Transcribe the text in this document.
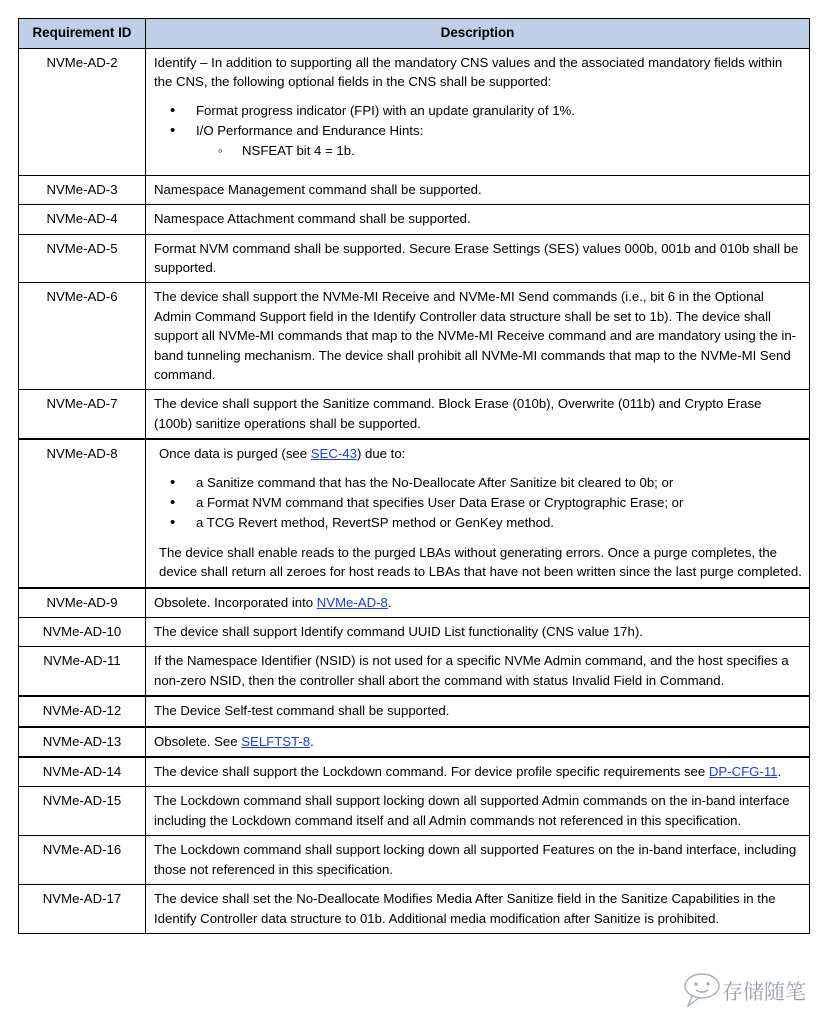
Requirement ID	Description
NVMe-AD-2	Identify – In addition to supporting all the mandatory CNS values and the associated mandatory fields within the CNS, the following optional fields in the CNS shall be supported:

• Format progress indicator (FPI) with an update granularity of 1%.
• I/O Performance and Endurance Hints:
◦ NSFEAT bit 4 = 1b.

NVMe-AD-3	Namespace Management command shall be supported.

NVMe-AD-4	Namespace Attachment command shall be supported.

NVMe-AD-5	Format NVM command shall be supported. Secure Erase Settings (SES) values 000b, 001b and 010b shall be supported.

NVMe-AD-6	The device shall support the NVMe-MI Receive and NVMe-MI Send commands (i.e., bit 6 in the Optional Admin Command Support field in the Identify Controller data structure shall be set to 1b). The device shall support all NVMe-MI commands that map to the NVMe-MI Receive command and are mandatory using the in-band tunneling mechanism. The device shall prohibit all NVMe-MI commands that map to the NVMe-MI Send command.

NVMe-AD-7	The device shall support the Sanitize command. Block Erase (010b), Overwrite (011b) and Crypto Erase (100b) sanitize operations shall be supported.

NVMe-AD-8	Once data is purged (see SEC-43) due to:

• a Sanitize command that has the No-Deallocate After Sanitize bit cleared to 0b; or
• a Format NVM command that specifies User Data Erase or Cryptographic Erase; or
• a TCG Revert method, RevertSP method or GenKey method.

The device shall enable reads to the purged LBAs without generating errors. Once a purge completes, the device shall return all zeroes for host reads to LBAs that have not been written since the last purge completed.

NVMe-AD-9	Obsolete. Incorporated into NVMe-AD-8.

NVMe-AD-10	The device shall support Identify command UUID List functionality (CNS value 17h).

NVMe-AD-11	If the Namespace Identifier (NSID) is not used for a specific NVMe Admin command, and the host specifies a non-zero NSID, then the controller shall abort the command with status Invalid Field in Command.

NVMe-AD-12	The Device Self-test command shall be supported.

NVMe-AD-13	Obsolete. See SELFTST-8.

NVMe-AD-14	The device shall support the Lockdown command. For device profile specific requirements see DP-CFG-11.

NVMe-AD-15	The Lockdown command shall support locking down all supported Admin commands on the in-band interface including the Lockdown command itself and all Admin commands not referenced in this specification.

NVMe-AD-16	The Lockdown command shall support locking down all supported Features on the in-band interface, including those not referenced in this specification.

NVMe-AD-17	The device shall set the No-Deallocate Modifies Media After Sanitize field in the Sanitize Capabilities in the Identify Controller data structure to 01b. Additional media modification after Sanitize is prohibited.

存储随笔
